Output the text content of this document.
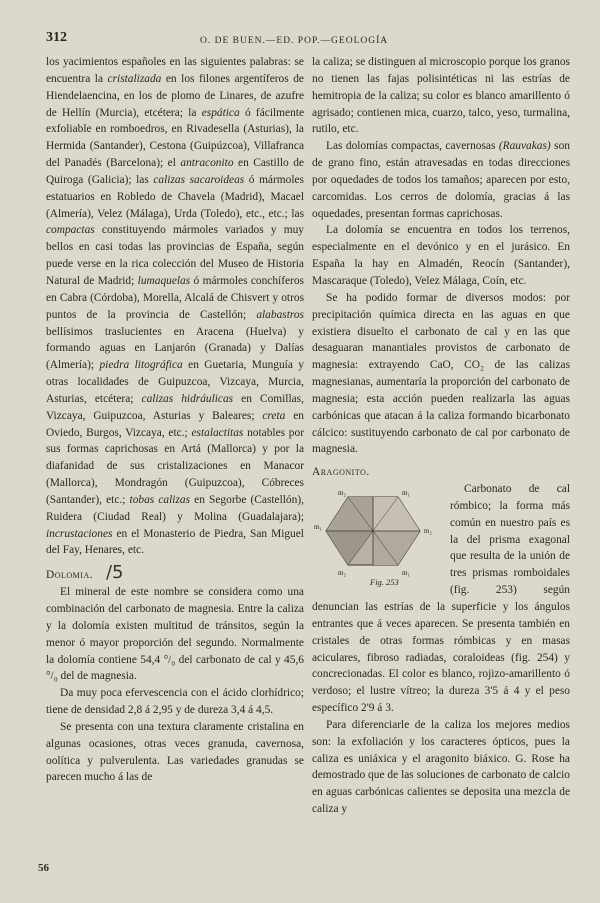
312	O. DE BUEN.—ED. POP.—GEOLOGÍA

los yacimientos españoles en las siguientes palabras: se encuentra la cristalizada en los filones argentíferos de Hiendelaencina, en los de plomo de Linares, de azufre de Hellín (Murcia), etcétera; la espática ó fácilmente exfoliable en romboedros, en Rivadesella (Asturias), la Hermida (Santander), Cestona (Guipúzcoa), Villafranca del Panadés (Barcelona); el antraconito en Castillo de Quiroga (Galicia); las calizas sacaroideas ó mármoles estatuarios en Robledo de Chavela (Madrid), Macael (Almería), Velez (Málaga), Urda (Toledo), etc., etc.; las compactas constituyendo mármoles variados y muy bellos en casi todas las provincias de España, según puede verse en la rica colección del Museo de Historia Natural de Madrid; lumaquelas ó mármoles conchíferos en Cabra (Córdoba), Morella, Alcalá de Chisvert y otros puntos de la provincia de Castellón; alabastros bellísimos traslucientes en Aracena (Huelva) y formando aguas en Lanjarón (Granada) y Dalías (Almería); piedra litográfica en Guetaria, Munguía y otras localidades de Guipuzcoa, Vizcaya, Murcia, Asturias, etcétera; calizas hidráulicas en Comillas, Vizcaya, Guipuzcoa, Asturias y Baleares; creta en Oviedo, Burgos, Vizcaya, etc.; estalactitas notables por sus formas caprichosas en Artá (Mallorca) y por la diafanidad de sus cristalizaciones en Manacor (Mallorca), Mondragón (Guipuzcoa), Cóbreces (Santander), etc.; tobas calizas en Segorbe (Castellón), Ruidera (Ciudad Real) y Molina (Guadalajara); incrustaciones en el Monasterio de Piedra, San Miguel del Fay, Henares, etc.

Dolomia. /5

El mineral de este nombre se considera como una combinación del carbonato de magnesia. Entre la caliza y la dolomía existen multitud de tránsitos, según la menor ó mayor proporción del segundo. Normalmente la dolomía contiene 54,4 °/₀ del carbonato de cal y 45,6 °/₀ del de magnesia.

Da muy poca efervescencia con el ácido clorhídrico; tiene de densidad 2,8 á 2,95 y de dureza 3,4 á 4,5.

Se presenta con una textura claramente cristalina en algunas ocasiones, otras veces granuda, cavernosa, oolítica y pulverulenta. Las variedades granudas se parecen mucho á las de

la caliza; se distinguen al microscopio porque los granos no tienen las fajas polisintéticas ni las estrías de hemitropia de la caliza; su color es blanco amarillento ó agrisado; contienen mica, cuarzo, talco, yeso, turmalina, rutilo, etc.

Las dolomías compactas, cavernosas (Rauvakas) son de grano fino, están atravesadas en todas direcciones por oquedades de todos los tamaños; aparecen por esto, carcomidas. Los cerros de dolomía, gracias á las oquedades, presentan formas caprichosas.

La dolomía se encuentra en todos los terrenos, especialmente en el devónico y en el jurásico. En España la hay en Almadén, Reocín (Santander), Mascaraque (Toledo), Velez Málaga, Coín, etc.

Se ha podido formar de diversos modos: por precipitación química directa en las aguas en que existiera disuelto el carbonato de cal y en las que desaguaran manantiales provistos de carbonato de magnesia: extrayendo CaO, CO₂ de las calizas magnesianas, aumentaría la proporción del carbonato de magnesia; esta acción pueden realizarla las aguas carbónicas que atacan á la caliza formando bicarbonato cálcico: sustituyendo carbonato de cal por carbonato de magnesia.

Aragonito.

m₂	m₁
m₁	m₂
m₂	m₁
Fig. 253

Carbonato de cal rómbico; la forma más común en nuestro país es la del prisma exagonal que resulta de la unión de tres prismas romboidales (fig. 253) según denuncian las estrías de la superficie y los ángulos entrantes que á veces aparecen. Se presenta también en cristales de otras formas rómbicas y en masas aciculares, fibroso radiadas, coraloideas (fig. 254) y concrecionadas. El color es blanco, rojizo-amarillento ó verdoso; el lustre vítreo; la dureza 3'5 á 4 y el peso específico 2'9 á 3.

Para diferenciarle de la caliza los mejores medios son: la exfoliación y los caracteres ópticos, pues la caliza es uniáxica y el aragonito biáxico. G. Rose ha demostrado que de las soluciones de carbonato de calcio en aguas carbónicas calientes se deposita una mezcla de caliza y

56
